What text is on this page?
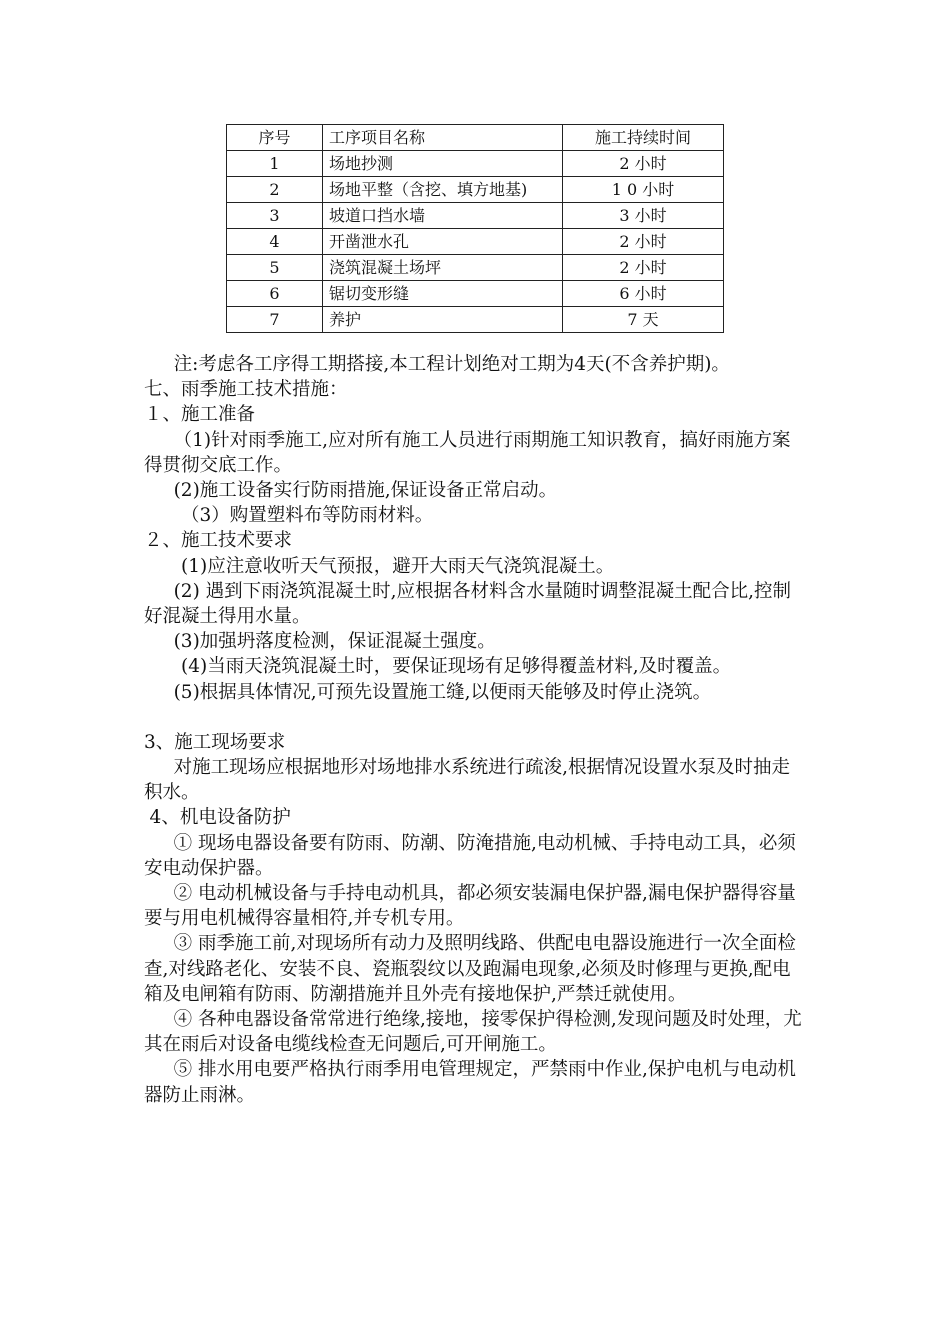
序号	工序项目名称	施工持续时间
1	场地抄测	2 小时
2	场地平整（含挖、填方地基)	1 0 小时
3	坡道口挡水墙	3 小时
4	开凿泄水孔	2 小时
5	浇筑混凝土场坪	2 小时
6	锯切变形缝	6 小时
7	养护	7 天

注:考虑各工序得工期搭接,本工程计划绝对工期为4天(不含养护期)。

七、雨季施工技术措施：

１、施工准备

（1)针对雨季施工,应对所有施工人员进行雨期施工知识教育，搞好雨施方案得贯彻交底工作。

(2)施工设备实行防雨措施,保证设备正常启动。

（3）购置塑料布等防雨材料。

２、施工技术要求

(1)应注意收听天气预报，避开大雨天气浇筑混凝土。

(2) 遇到下雨浇筑混凝土时,应根据各材料含水量随时调整混凝土配合比,控制好混凝土得用水量。

(3)加强坍落度检测，保证混凝土强度。

(4)当雨天浇筑混凝土时，要保证现场有足够得覆盖材料,及时覆盖。

(5)根据具体情况,可预先设置施工缝,以便雨天能够及时停止浇筑。

3、施工现场要求

对施工现场应根据地形对场地排水系统进行疏浚,根据情况设置水泵及时抽走积水。

4、机电设备防护

① 现场电器设备要有防雨、防潮、防淹措施,电动机械、手持电动工具，必须安电动保护器。

② 电动机械设备与手持电动机具，都必须安装漏电保护器,漏电保护器得容量要与用电机械得容量相符,并专机专用。

③ 雨季施工前,对现场所有动力及照明线路、供配电电器设施进行一次全面检查,对线路老化、安装不良、瓷瓶裂纹以及跑漏电现象,必须及时修理与更换,配电箱及电闸箱有防雨、防潮措施并且外壳有接地保护,严禁迁就使用。

④ 各种电器设备常常进行绝缘,接地，接零保护得检测,发现问题及时处理，尤其在雨后对设备电缆线检查无问题后,可开闸施工。

⑤ 排水用电要严格执行雨季用电管理规定，严禁雨中作业,保护电机与电动机器防止雨淋。
